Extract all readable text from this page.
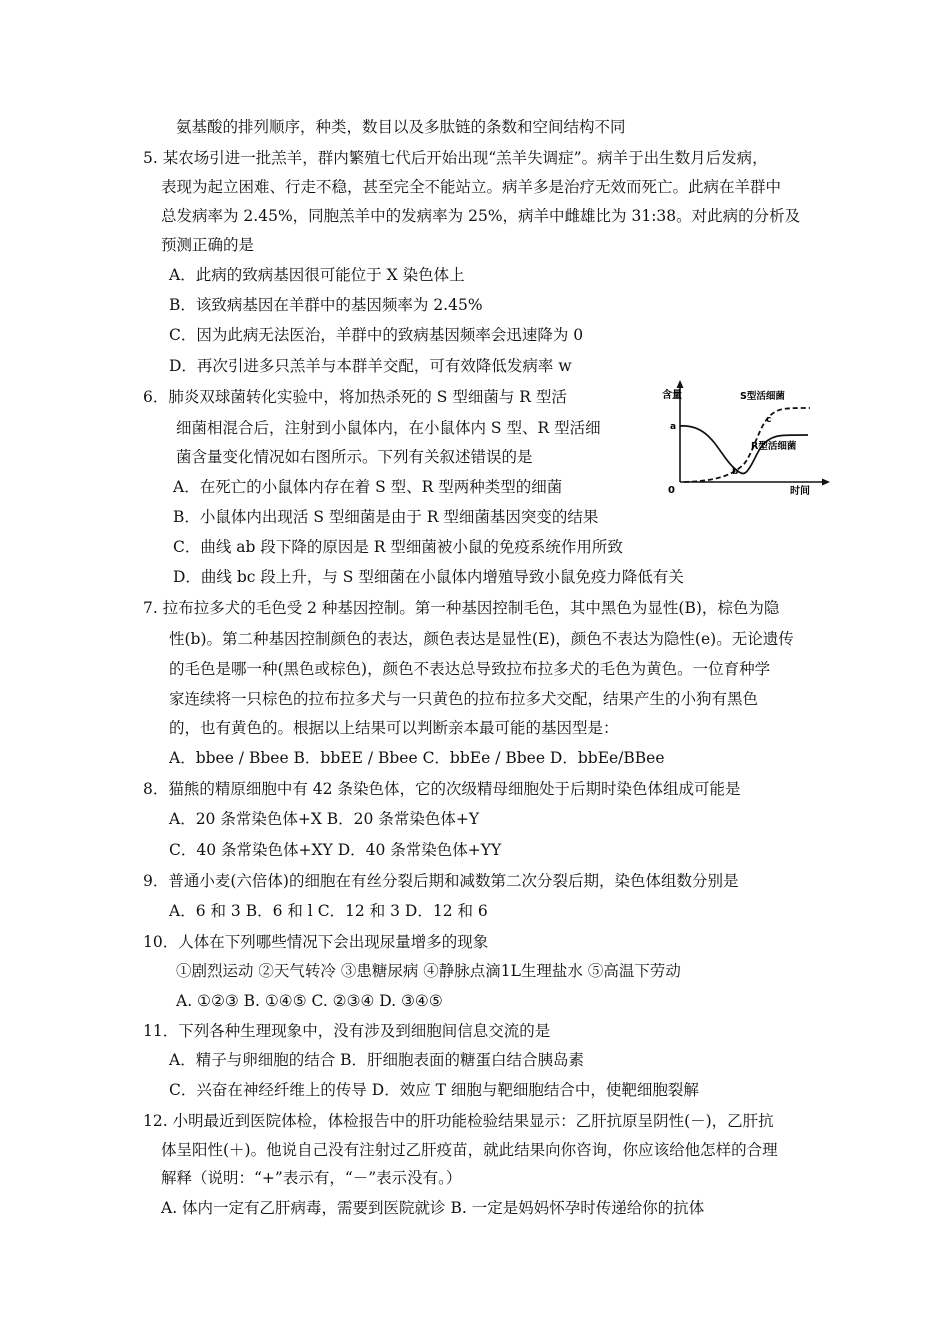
氨基酸的排列顺序，种类，数目以及多肽链的条数和空间结构不同
5. 某农场引进一批羔羊，群内繁殖七代后开始出现“羔羊失调症”。病羊于出生数月后发病，
表现为起立困难、行走不稳，甚至完全不能站立。病羊多是治疗无效而死亡。此病在羊群中
总发病率为 2.45%，同胞羔羊中的发病率为 25%，病羊中雌雄比为 31:38。对此病的分析及
预测正确的是
A．此病的致病基因很可能位于 X 染色体上
B．该致病基因在羊群中的基因频率为 2.45%
C．因为此病无法医治，羊群中的致病基因频率会迅速降为 0
D．再次引进多只羔羊与本群羊交配，可有效降低发病率 w
6．肺炎双球菌转化实验中，将加热杀死的 S 型细菌与 R 型活
细菌相混合后，注射到小鼠体内，在小鼠体内 S 型、R 型活细
菌含量变化情况如右图所示。下列有关叙述错误的是
A．在死亡的小鼠体内存在着 S 型、R 型两种类型的细菌
B．小鼠体内出现活 S 型细菌是由于 R 型细菌基因突变的结果
C．曲线 ab 段下降的原因是 R 型细菌被小鼠的免疫系统作用所致
D．曲线 bc 段上升，与 S 型细菌在小鼠体内增殖导致小鼠免疫力降低有关
7. 拉布拉多犬的毛色受 2 种基因控制。第一种基因控制毛色，其中黑色为显性(B)，棕色为隐
性(b)。第二种基因控制颜色的表达，颜色表达是显性(E)，颜色不表达为隐性(e)。无论遗传
的毛色是哪一种(黑色或棕色)，颜色不表达总导致拉布拉多犬的毛色为黄色。一位育种学
家连续将一只棕色的拉布拉多犬与一只黄色的拉布拉多犬交配，结果产生的小狗有黑色
的，也有黄色的。根据以上结果可以判断亲本最可能的基因型是：
A．bbee / Bbee B．bbEE / Bbee C．bbEe / Bbee D．bbEe/BBee
8．猫熊的精原细胞中有 42 条染色体，它的次级精母细胞处于后期时染色体组成可能是
A．20 条常染色体+X B．20 条常染色体+Y
C．40 条常染色体+XY D．40 条常染色体+YY
9．普通小麦(六倍体)的细胞在有丝分裂后期和减数第二次分裂后期，染色体组数分别是
A．6 和 3 B．6 和 l C．12 和 3 D．12 和 6
10．人体在下列哪些情况下会出现尿量增多的现象
①剧烈运动 ②天气转冷 ③患糖尿病 ④静脉点滴1L生理盐水 ⑤高温下劳动
A. ①②③ B. ①④⑤ C. ②③④ D. ③④⑤
11．下列各种生理现象中，没有涉及到细胞间信息交流的是
A．精子与卵细胞的结合 B．肝细胞表面的糖蛋白结合胰岛素
C．兴奋在神经纤维上的传导 D．效应 T 细胞与靶细胞结合中，使靶细胞裂解
12. 小明最近到医院体检，体检报告中的肝功能检验结果显示：乙肝抗原呈阴性(－)，乙肝抗
体呈阳性(＋)。他说自己没有注射过乙肝疫苗，就此结果向你咨询，你应该给他怎样的合理
解释（说明：“+”表示有，“－”表示没有。）
A. 体内一定有乙肝病毒，需要到医院就诊 B. 一定是妈妈怀孕时传递给你的抗体
含量
时间
0
a
b
c
S型活细菌
R型活细菌
